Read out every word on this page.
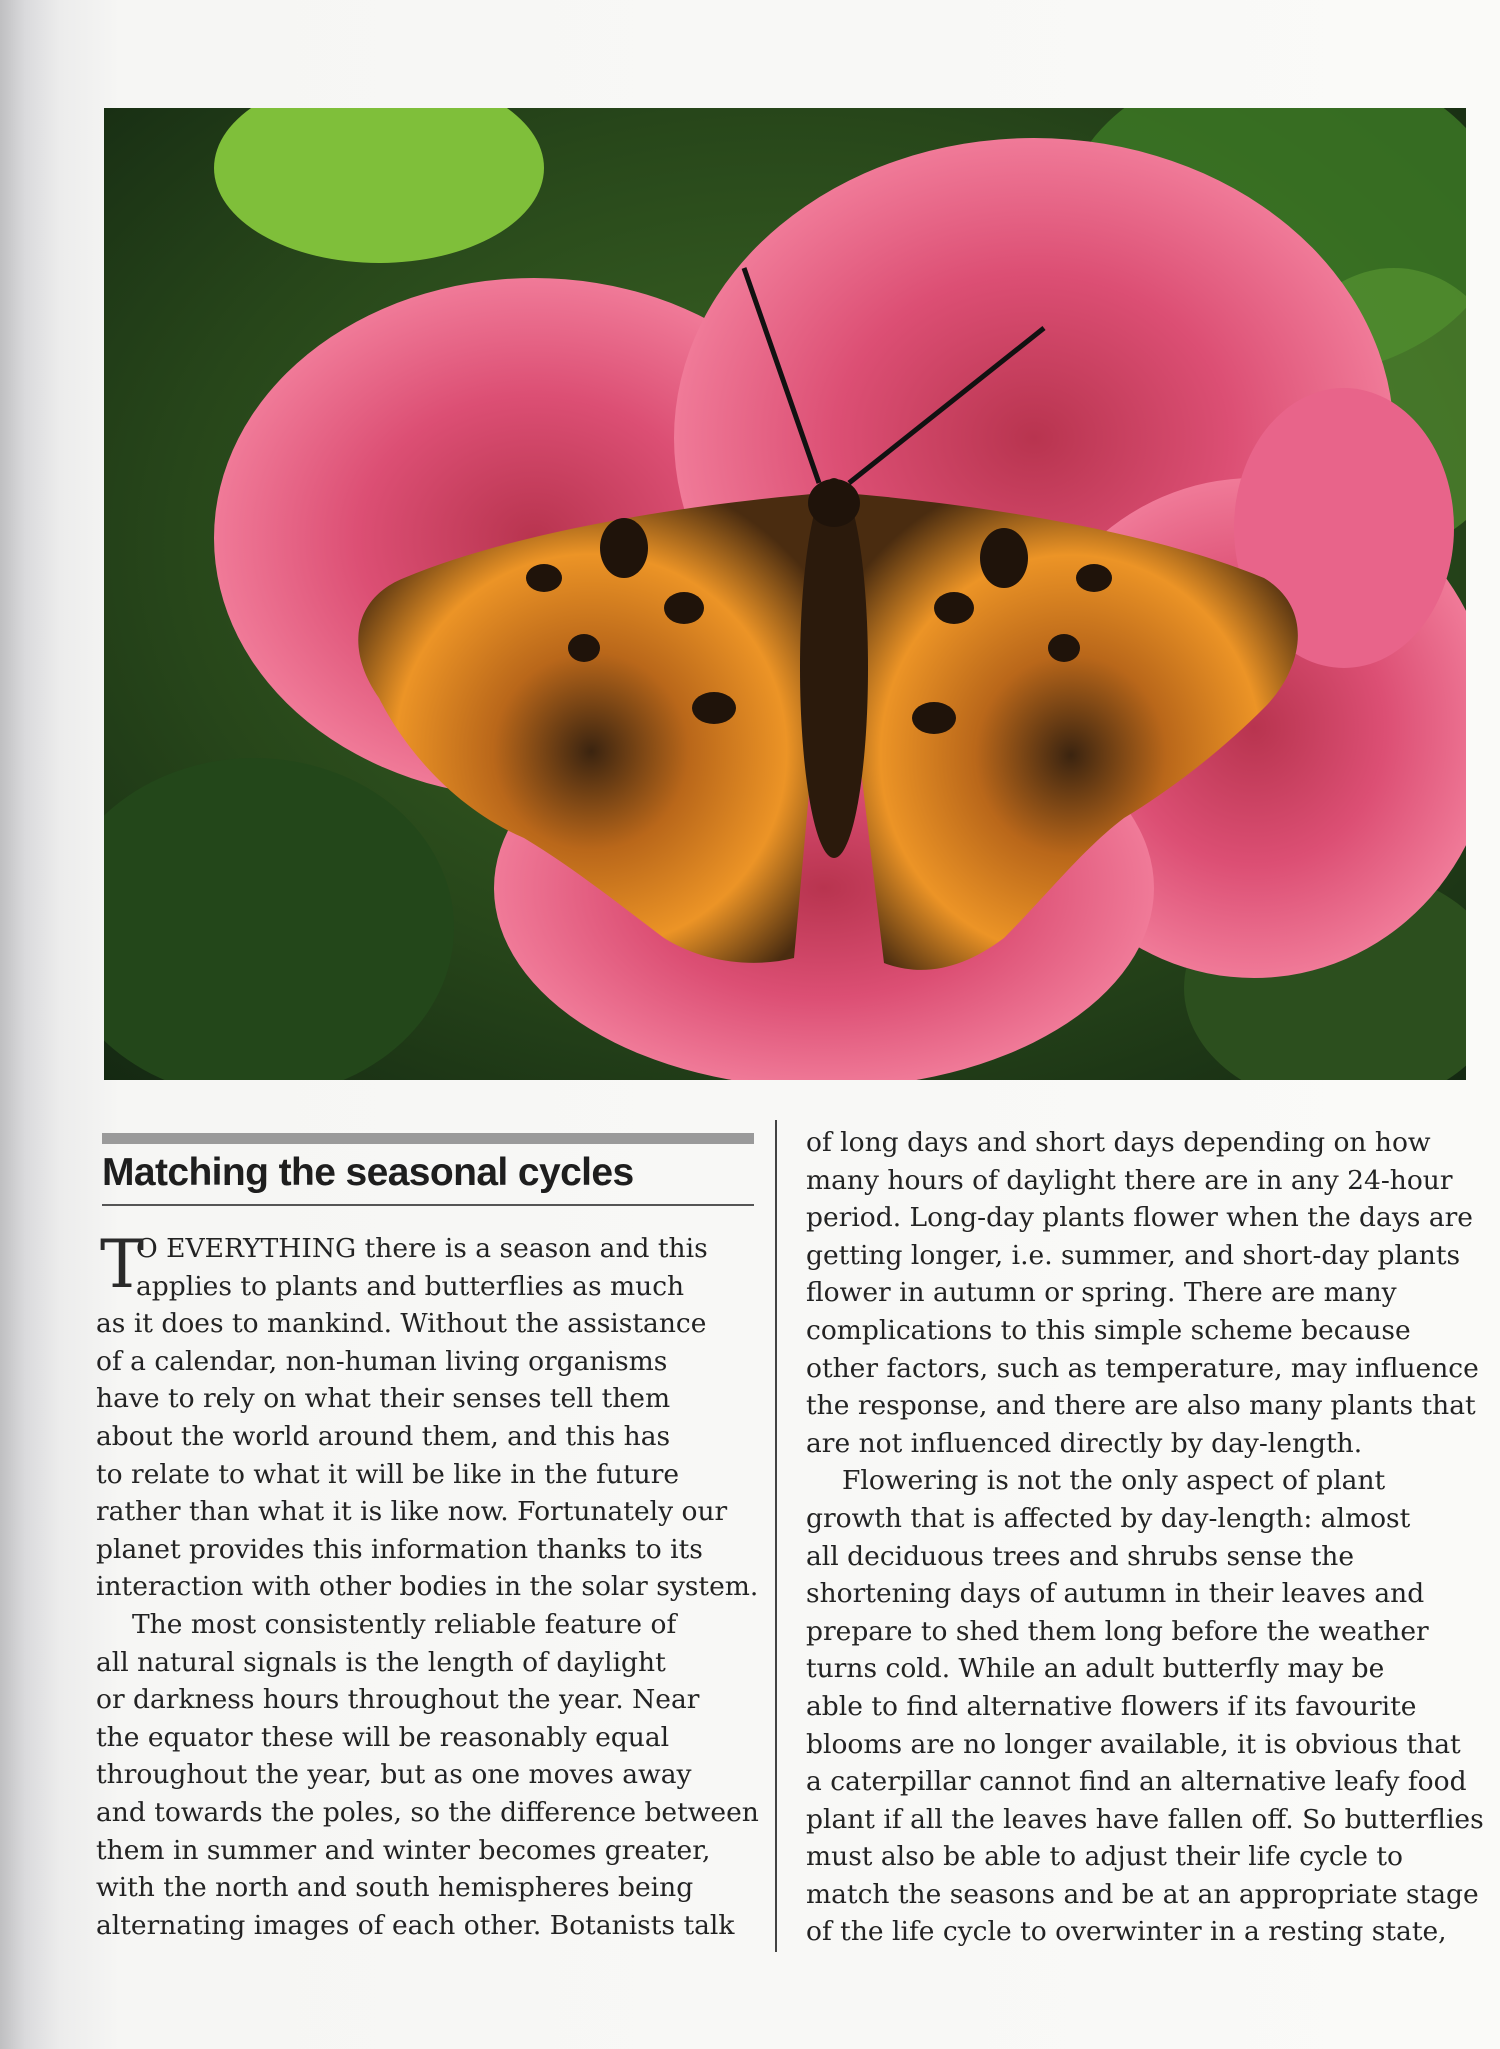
Matching the seasonal cycles
T

O EVERYTHING there is a season and this
applies to plants and butterflies as much
as it does to mankind. Without the assistance
of a calendar, non-human living organisms
have to rely on what their senses tell them
about the world around them, and this has
to relate to what it will be like in the future
rather than what it is like now. Fortunately our
planet provides this information thanks to its
interaction with other bodies in the solar system.

The most consistently reliable feature of
all natural signals is the length of daylight
or darkness hours throughout the year. Near
the equator these will be reasonably equal
throughout the year, but as one moves away
and towards the poles, so the difference between
them in summer and winter becomes greater,
with the north and south hemispheres being
alternating images of each other. Botanists talk

of long days and short days depending on how
many hours of daylight there are in any 24-hour
period. Long-day plants flower when the days are
getting longer, i.e. summer, and short-day plants
flower in autumn or spring. There are many
complications to this simple scheme because
other factors, such as temperature, may influence
the response, and there are also many plants that
are not influenced directly by day-length.

Flowering is not the only aspect of plant
growth that is affected by day-length: almost
all deciduous trees and shrubs sense the
shortening days of autumn in their leaves and
prepare to shed them long before the weather
turns cold. While an adult butterfly may be
able to find alternative flowers if its favourite
blooms are no longer available, it is obvious that
a caterpillar cannot find an alternative leafy food
plant if all the leaves have fallen off. So butterflies
must also be able to adjust their life cycle to
match the seasons and be at an appropriate stage
of the life cycle to overwinter in a resting state,
